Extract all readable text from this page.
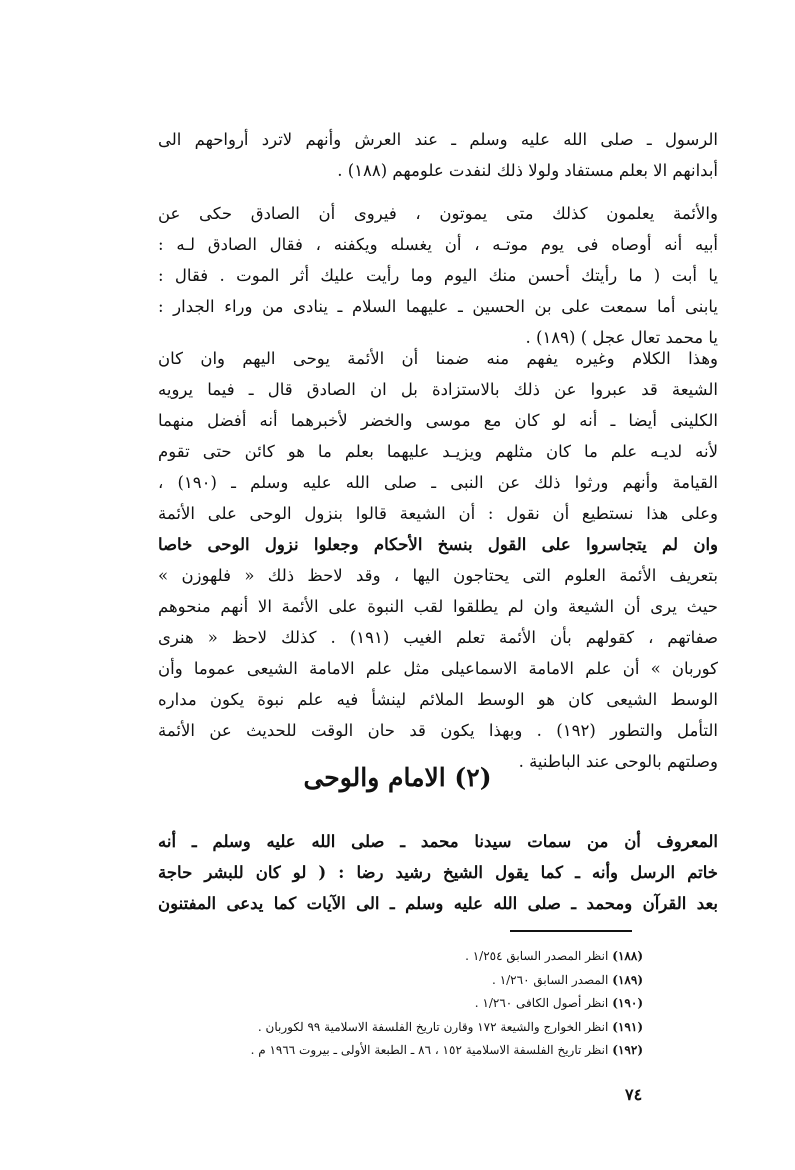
الرسول ـ صلى الله عليه وسلم ـ عند العرش وأنهم لاترد أرواحهم الى
أبدانهم الا بعلم مستفاد ولولا ذلك لنفدت علومهم (١٨٨) .
والأئمة يعلمون كذلك متى يموتون ، فيروى أن الصادق حكى عن
أبيه أنه أوصاه فى يوم موتـه ، أن يغسله ويكفنه ، فقال الصادق لـه :
يا أبت ( ما رأيتك أحسن منك اليوم وما رأيت عليك أثر الموت . فقال :
يابنى أما سمعت على بن الحسين ـ عليهما السلام ـ ينادى من وراء الجدار :
يا محمد تعال عجل ) (١٨٩) .
وهذا الكلام وغيره يفهم منه ضمنا أن الأئمة يوحى اليهم وان كان
الشيعة قد عبروا عن ذلك بالاستزادة بل ان الصادق قال ـ فيما يرويه
الكلينى أيضا ـ أنه لو كان مع موسى والخضر لأخبرهما أنه أفضل منهما
لأنه لديـه علم ما كان مثلهم ويزيـد عليهما بعلم ما هو كائن حتى تقوم
القيامة وأنهم ورثوا ذلك عن النبى ـ صلى الله عليه وسلم ـ (١٩٠) ،
وعلى هذا نستطيع أن نقول : أن الشيعة قالوا بنزول الوحى على الأئمة
وان لم يتجاسروا على القول بنسخ الأحكام وجعلوا نزول الوحى خاصا
بتعريف الأئمة العلوم التى يحتاجون اليها ، وقد لاحظ ذلك « فلهوزن »
حيث يرى أن الشيعة وان لم يطلقوا لقب النبوة على الأئمة الا أنهم منحوهم
صفاتهم ، كقولهم بأن الأئمة تعلم الغيب (١٩١) . كذلك لاحظ « هنرى
كوربان » أن علم الامامة الاسماعيلى مثل علم الامامة الشيعى عموما وأن
الوسط الشيعى كان هو الوسط الملائم لينشأ فيه علم نبوة يكون مداره
التأمل والتطور (١٩٢) . وبهذا يكون قد حان الوقت للحديث عن الأئمة
وصلتهم بالوحى عند الباطنية .
(٢) الامام والوحى
المعروف أن من سمات سيدنا محمد ـ صلى الله عليه وسلم ـ أنه
خاتم الرسل وأنه ـ كما يقول الشيخ رشيد رضا : ( لو كان للبشر حاجة
بعد القرآن ومحمد ـ صلى الله عليه وسلم ـ الى الآيات كما يدعى المفتنون
(١٨٨)انظر المصدر السابق ١/٢٥٤ .
(١٨٩)المصدر السابق ١/٢٦٠ .
(١٩٠)انظر أصول الكافى ١/٢٦٠ .
(١٩١)انظر الخوارج والشيعة ١٧٢ وقارن تاريخ الفلسفة الاسلامية ٩٩ لكوربان .
(١٩٢)انظر تاريخ الفلسفة الاسلامية ١٥٢ ، ٨٦ ـ الطبعة الأولى ـ بيروت ١٩٦٦ م .
٧٤
